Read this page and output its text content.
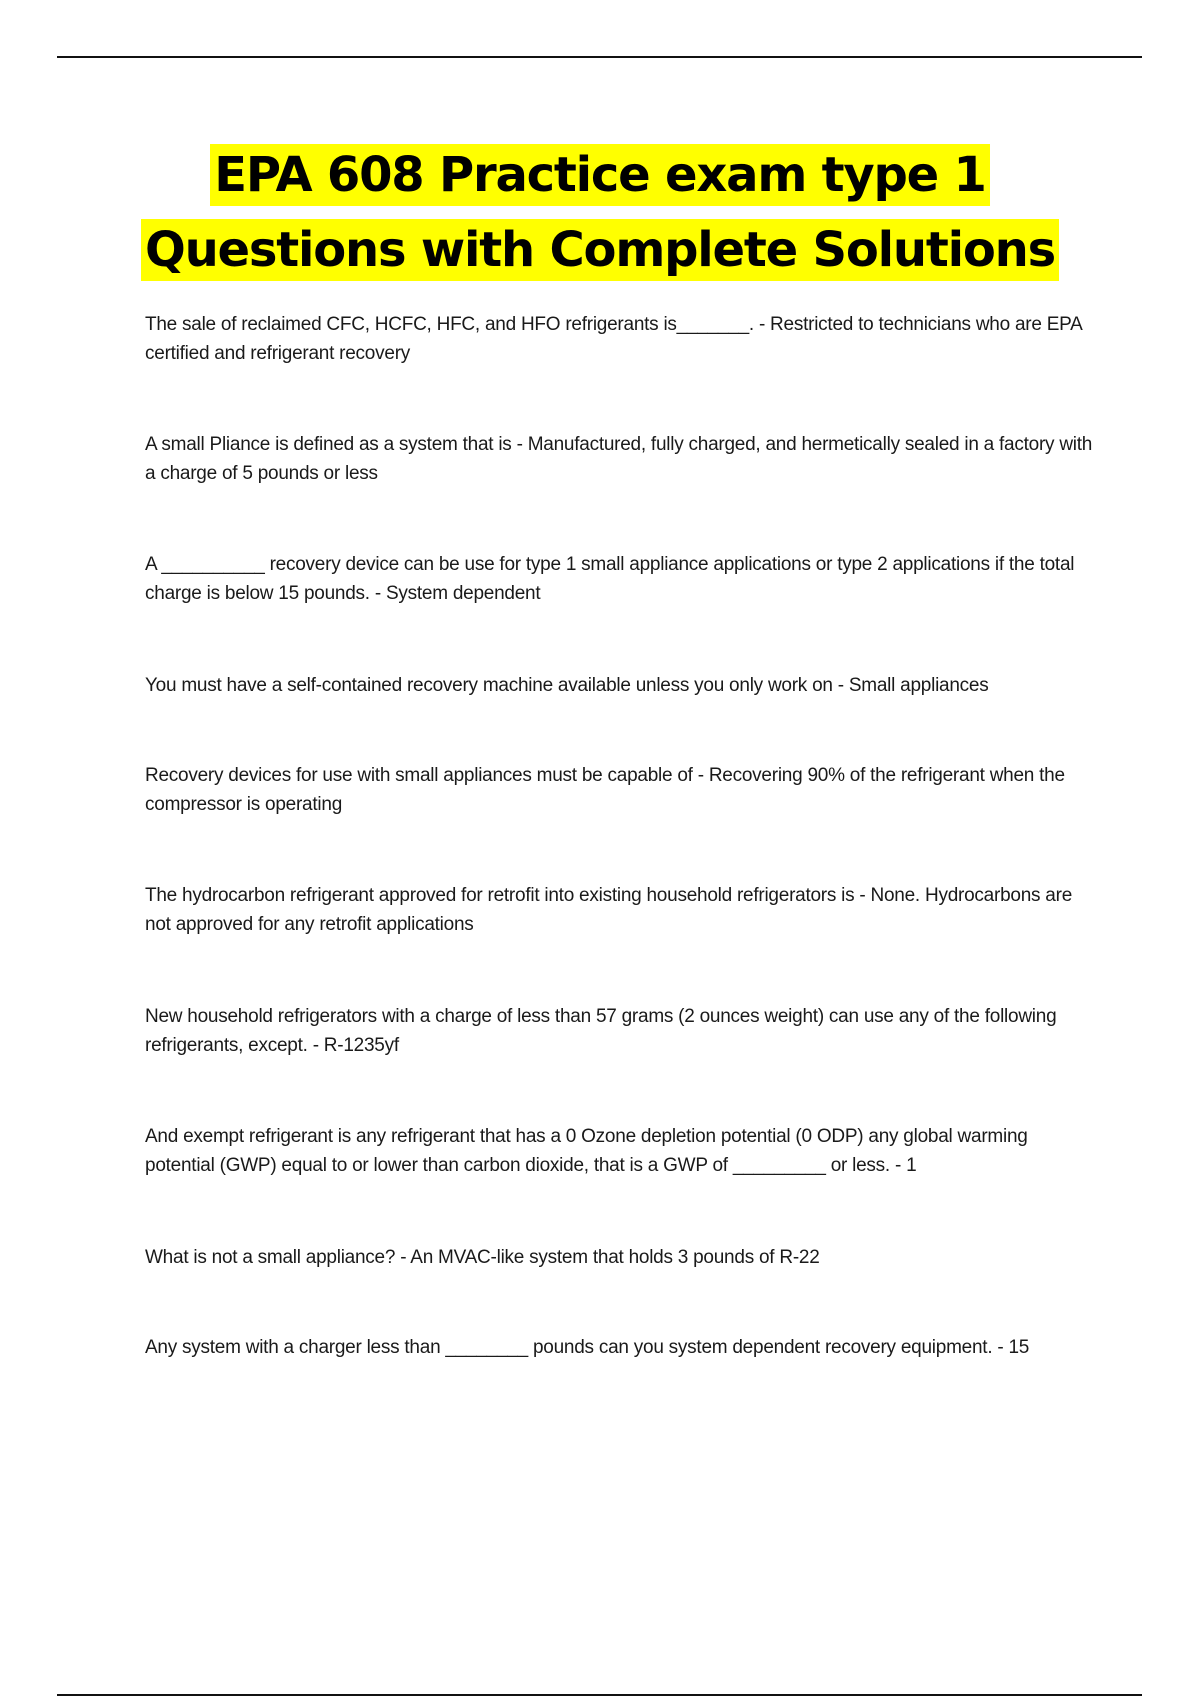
EPA 608 Practice exam type 1 Questions with Complete Solutions

The sale of reclaimed CFC, HCFC, HFC, and HFO refrigerants is_______. - Restricted to technicians who are EPA certified and refrigerant recovery

A small Pliance is defined as a system that is - Manufactured, fully charged, and hermetically sealed in a factory with a charge of 5 pounds or less

A __________ recovery device can be use for type 1 small appliance applications or type 2 applications if the total charge is below 15 pounds. - System dependent

You must have a self-contained recovery machine available unless you only work on - Small appliances

Recovery devices for use with small appliances must be capable of - Recovering 90% of the refrigerant when the compressor is operating

The hydrocarbon refrigerant approved for retrofit into existing household refrigerators is - None. Hydrocarbons are not approved for any retrofit applications

New household refrigerators with a charge of less than 57 grams (2 ounces weight) can use any of the following refrigerants, except. - R-1235yf

And exempt refrigerant is any refrigerant that has a 0 Ozone depletion potential (0 ODP) any global warming potential (GWP) equal to or lower than carbon dioxide, that is a GWP of _________ or less. - 1

What is not a small appliance? - An MVAC-like system that holds 3 pounds of R-22

Any system with a charger less than ________ pounds can you system dependent recovery equipment. - 15
